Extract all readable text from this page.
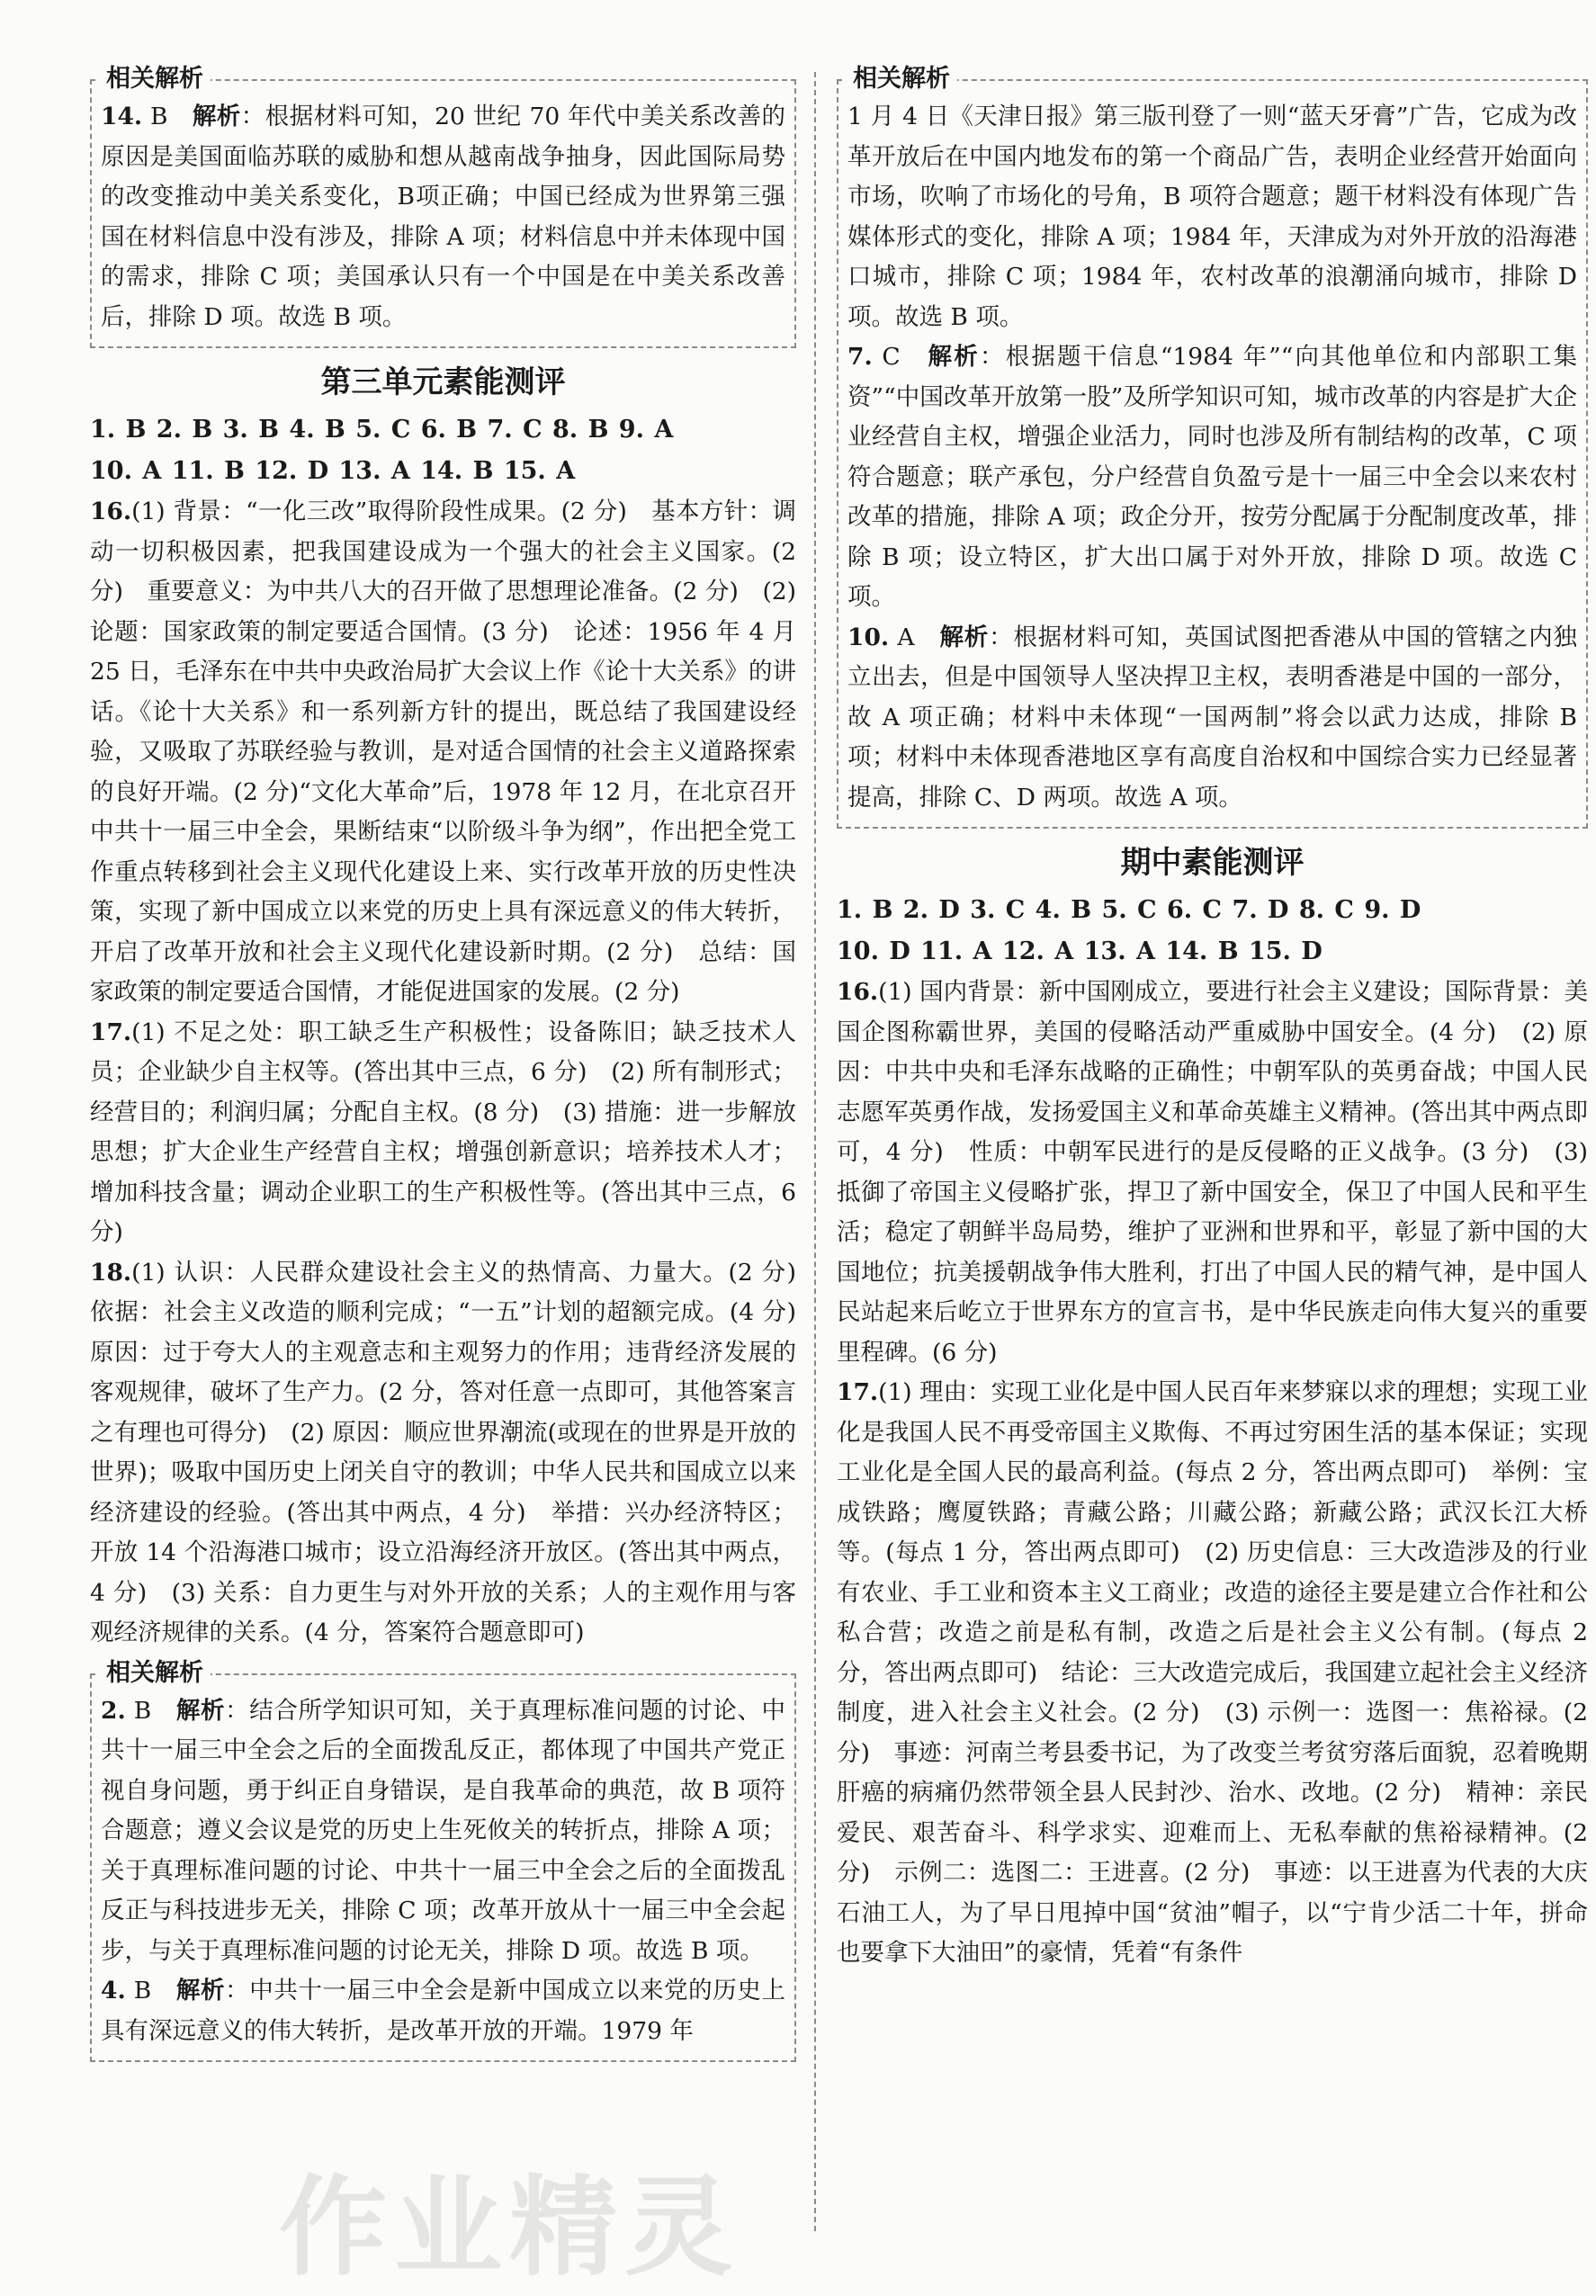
相关解析

14. B　 解析：根据材料可知，20 世纪 70 年代中美关系改善的原因是美国面临苏联的威胁和想从越南战争抽身，因此国际局势的改变推动中美关系变化，B项正确；中国已经成为世界第三强国在材料信息中没有涉及，排除 A 项；材料信息中并未体现中国的需求，排除 C 项；美国承认只有一个中国是在中美关系改善后，排除 D 项。故选 B 项。

第三单元素能测评

1. B 2. B 3. B 4. B 5. C 6. B 7. C 8. B 9. A

10. A 11. B 12. D 13. A 14. B 15. A

16.(1) 背景：“一化三改”取得阶段性成果。(2 分)　基本方针：调动一切积极因素，把我国建设成为一个强大的社会主义国家。(2 分)　重要意义：为中共八大的召开做了思想理论准备。(2 分)　(2) 论题：国家政策的制定要适合国情。(3 分)　论述：1956 年 4 月 25 日，毛泽东在中共中央政治局扩大会议上作《论十大关系》的讲话。《论十大关系》和一系列新方针的提出，既总结了我国建设经验，又吸取了苏联经验与教训，是对适合国情的社会主义道路探索的良好开端。(2 分)“文化大革命”后，1978 年 12 月，在北京召开中共十一届三中全会，果断结束“以阶级斗争为纲”，作出把全党工作重点转移到社会主义现代化建设上来、实行改革开放的历史性决策，实现了新中国成立以来党的历史上具有深远意义的伟大转折，开启了改革开放和社会主义现代化建设新时期。(2 分)　总结：国家政策的制定要适合国情，才能促进国家的发展。(2 分)

17.(1) 不足之处：职工缺乏生产积极性；设备陈旧；缺乏技术人员；企业缺少自主权等。(答出其中三点，6 分)　(2) 所有制形式；经营目的；利润归属；分配自主权。(8 分)　(3) 措施：进一步解放思想；扩大企业生产经营自主权；增强创新意识；培养技术人才；增加科技含量；调动企业职工的生产积极性等。(答出其中三点，6 分)

18.(1) 认识：人民群众建设社会主义的热情高、力量大。(2 分)　依据：社会主义改造的顺利完成；“一五”计划的超额完成。(4 分)　原因：过于夸大人的主观意志和主观努力的作用；违背经济发展的客观规律，破坏了生产力。(2 分，答对任意一点即可，其他答案言之有理也可得分)　(2) 原因：顺应世界潮流(或现在的世界是开放的世界)；吸取中国历史上闭关自守的教训；中华人民共和国成立以来经济建设的经验。(答出其中两点，4 分)　举措：兴办经济特区；开放 14 个沿海港口城市；设立沿海经济开放区。(答出其中两点，4 分)　(3) 关系：自力更生与对外开放的关系；人的主观作用与客观经济规律的关系。(4 分，答案符合题意即可)

相关解析

2. B　 解析：结合所学知识可知，关于真理标准问题的讨论、中共十一届三中全会之后的全面拨乱反正，都体现了中国共产党正视自身问题，勇于纠正自身错误，是自我革命的典范，故 B 项符合题意；遵义会议是党的历史上生死攸关的转折点，排除 A 项；关于真理标准问题的讨论、中共十一届三中全会之后的全面拨乱反正与科技进步无关，排除 C 项；改革开放从十一届三中全会起步，与关于真理标准问题的讨论无关，排除 D 项。故选 B 项。

4. B　 解析：中共十一届三中全会是新中国成立以来党的历史上具有深远意义的伟大转折，是改革开放的开端。1979 年

相关解析

1 月 4 日《天津日报》第三版刊登了一则“蓝天牙膏”广告，它成为改革开放后在中国内地发布的第一个商品广告，表明企业经营开始面向市场，吹响了市场化的号角，B 项符合题意；题干材料没有体现广告媒体形式的变化，排除 A 项；1984 年，天津成为对外开放的沿海港口城市，排除 C 项；1984 年，农村改革的浪潮涌向城市，排除 D 项。故选 B 项。

7. C　 解析：根据题干信息“1984 年”“向其他单位和内部职工集资”“中国改革开放第一股”及所学知识可知，城市改革的内容是扩大企业经营自主权，增强企业活力，同时也涉及所有制结构的改革，C 项符合题意；联产承包，分户经营自负盈亏是十一届三中全会以来农村改革的措施，排除 A 项；政企分开，按劳分配属于分配制度改革，排除 B 项；设立特区，扩大出口属于对外开放，排除 D 项。故选 C 项。

10. A　 解析：根据材料可知，英国试图把香港从中国的管辖之内独立出去，但是中国领导人坚决捍卫主权，表明香港是中国的一部分，故 A 项正确；材料中未体现“一国两制”将会以武力达成，排除 B 项；材料中未体现香港地区享有高度自治权和中国综合实力已经显著提高，排除 C、D 两项。故选 A 项。

期中素能测评

1. B 2. D 3. C 4. B 5. C 6. C 7. D 8. C 9. D

10. D 11. A 12. A 13. A 14. B 15. D

16.(1) 国内背景：新中国刚成立，要进行社会主义建设；国际背景：美国企图称霸世界，美国的侵略活动严重威胁中国安全。(4 分)　(2) 原因：中共中央和毛泽东战略的正确性；中朝军队的英勇奋战；中国人民志愿军英勇作战，发扬爱国主义和革命英雄主义精神。(答出其中两点即可，4 分)　性质：中朝军民进行的是反侵略的正义战争。(3 分)　(3) 抵御了帝国主义侵略扩张，捍卫了新中国安全，保卫了中国人民和平生活；稳定了朝鲜半岛局势，维护了亚洲和世界和平，彰显了新中国的大国地位；抗美援朝战争伟大胜利，打出了中国人民的精气神，是中国人民站起来后屹立于世界东方的宣言书，是中华民族走向伟大复兴的重要里程碑。(6 分)

17.(1) 理由：实现工业化是中国人民百年来梦寐以求的理想；实现工业化是我国人民不再受帝国主义欺侮、不再过穷困生活的基本保证；实现工业化是全国人民的最高利益。(每点 2 分，答出两点即可)　举例：宝成铁路；鹰厦铁路；青藏公路；川藏公路；新藏公路；武汉长江大桥等。(每点 1 分，答出两点即可)　(2) 历史信息：三大改造涉及的行业有农业、手工业和资本主义工商业；改造的途径主要是建立合作社和公私合营；改造之前是私有制，改造之后是社会主义公有制。(每点 2 分，答出两点即可)　结论：三大改造完成后，我国建立起社会主义经济制度，进入社会主义社会。(2 分)　(3) 示例一：选图一：焦裕禄。(2 分)　事迹：河南兰考县委书记，为了改变兰考贫穷落后面貌，忍着晚期肝癌的病痛仍然带领全县人民封沙、治水、改地。(2 分)　精神：亲民爱民、艰苦奋斗、科学求实、迎难而上、无私奉献的焦裕禄精神。(2 分)　示例二：选图二：王进喜。(2 分)　事迹：以王进喜为代表的大庆石油工人，为了早日甩掉中国“贫油”帽子，以“宁肯少活二十年，拼命也要拿下大油田”的豪情，凭着“有条件

作业精灵
